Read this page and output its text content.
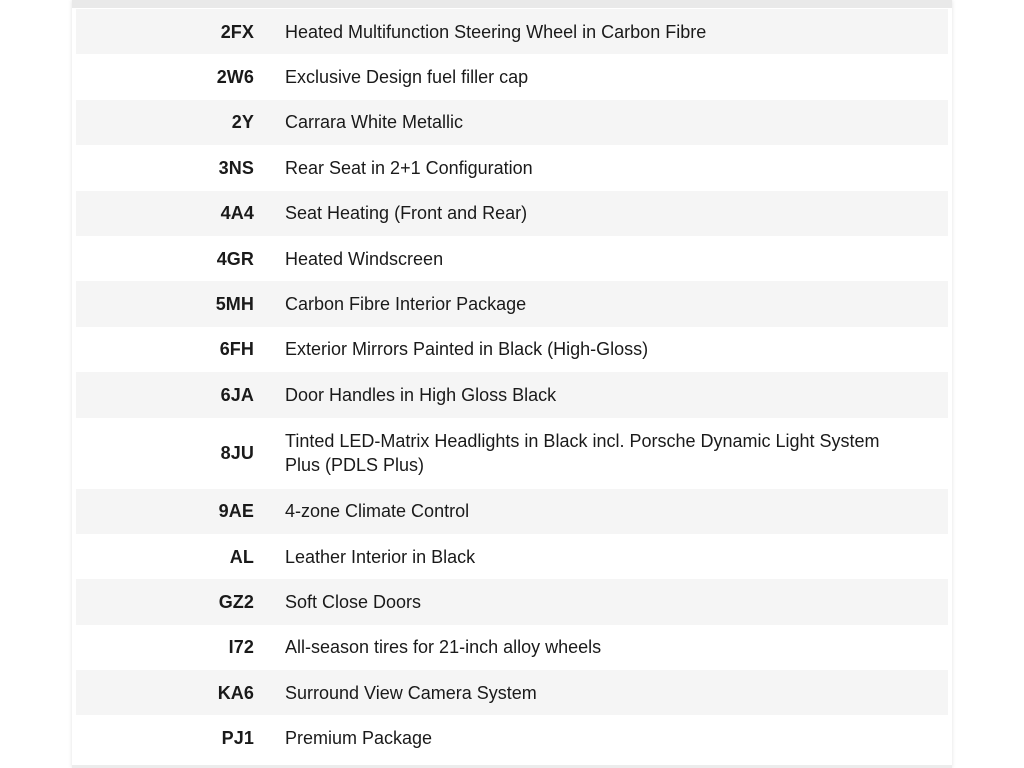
2FX		Heated Multifunction Steering Wheel in Carbon Fibre
2W6		Exclusive Design fuel filler cap
2Y		Carrara White Metallic
3NS		Rear Seat in 2+1 Configuration
4A4		Seat Heating (Front and Rear)
4GR		Heated Windscreen
5MH		Carbon Fibre Interior Package
6FH		Exterior Mirrors Painted in Black (High-Gloss)
6JA		Door Handles in High Gloss Black
8JU		Tinted LED-Matrix Headlights in Black incl. Porsche Dynamic Light System Plus (PDLS Plus)
9AE		4-zone Climate Control
AL		Leather Interior in Black
GZ2		Soft Close Doors
I72		All-season tires for 21-inch alloy wheels
KA6		Surround View Camera System
PJ1		Premium Package
